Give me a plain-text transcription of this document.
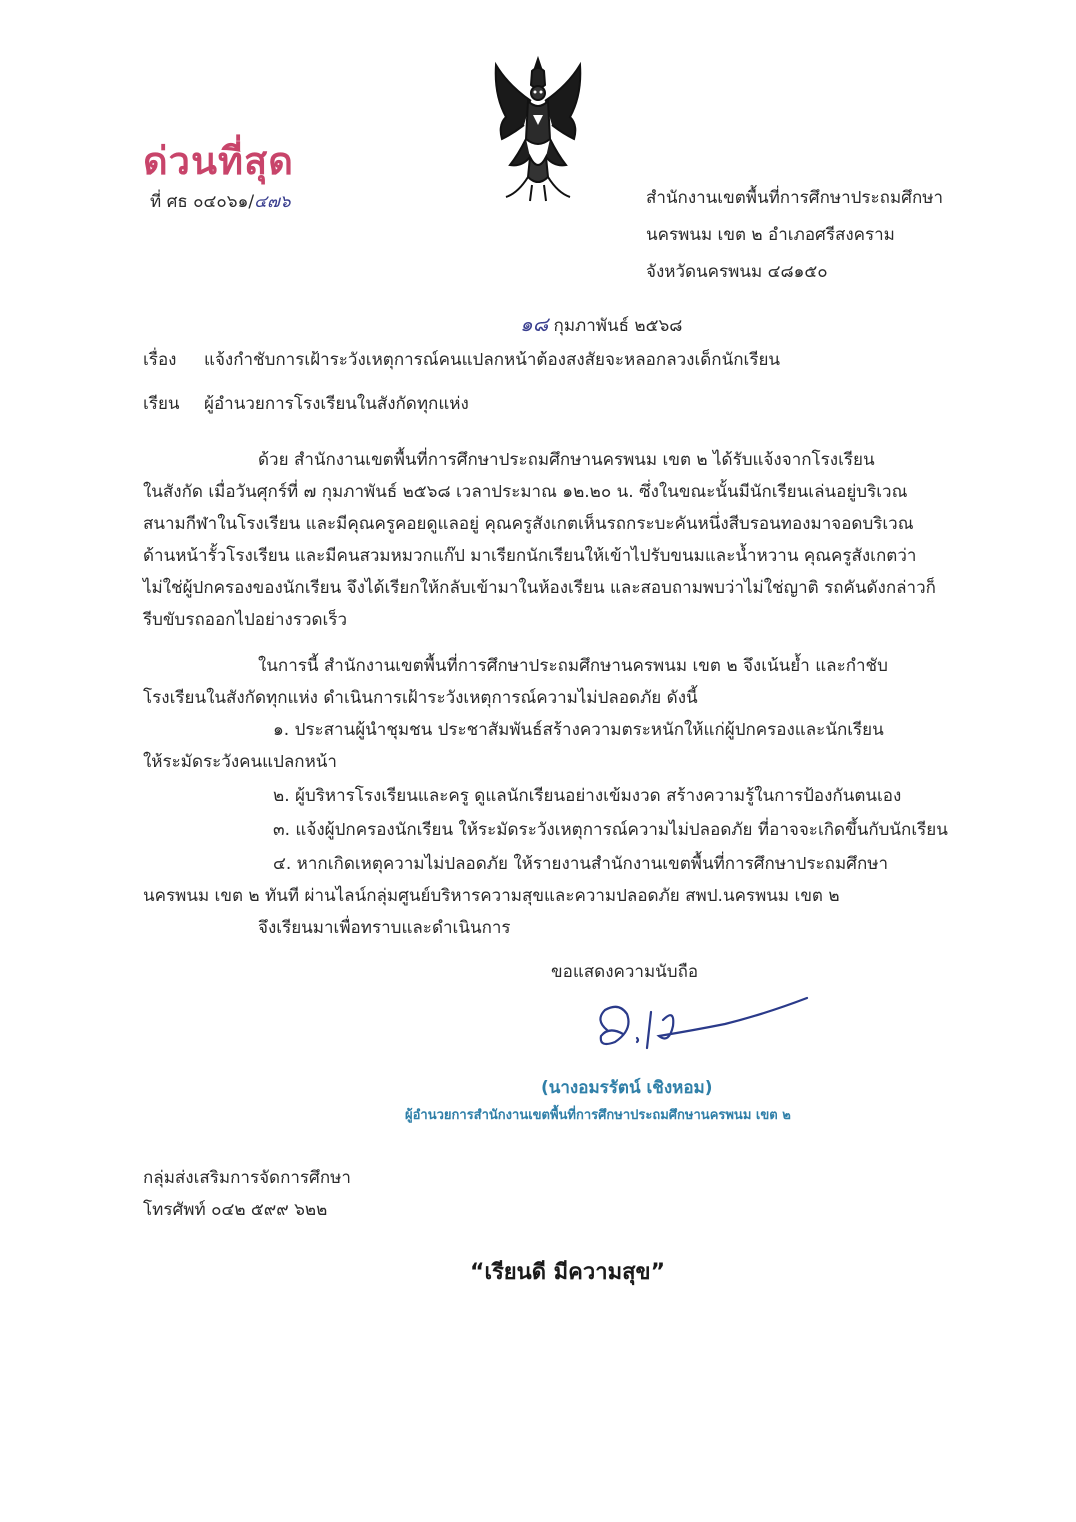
ด่วนที่สุด
ที่ ศธ ๐๔๐๖๑/๔๗๖	สำนักงานเขตพื้นที่การศึกษาประถมศึกษา
นครพนม เขต ๒ อำเภอศรีสงคราม
จังหวัดนครพนม ๔๘๑๕๐
๑๘ กุมภาพันธ์ ๒๕๖๘
เรื่อง แจ้งกำชับการเฝ้าระวังเหตุการณ์คนแปลกหน้าต้องสงสัยจะหลอกลวงเด็กนักเรียน
เรียน ผู้อำนวยการโรงเรียนในสังกัดทุกแห่ง
ด้วย สำนักงานเขตพื้นที่การศึกษาประถมศึกษานครพนม เขต ๒ ได้รับแจ้งจากโรงเรียน
ในสังกัด เมื่อวันศุกร์ที่ ๗ กุมภาพันธ์ ๒๕๖๘ เวลาประมาณ ๑๒.๒๐ น. ซึ่งในขณะนั้นมีนักเรียนเล่นอยู่บริเวณ
สนามกีฬาในโรงเรียน และมีคุณครูคอยดูแลอยู่ คุณครูสังเกตเห็นรถกระบะคันหนึ่งสีบรอนทองมาจอดบริเวณ
ด้านหน้ารั้วโรงเรียน และมีคนสวมหมวกแก๊ป มาเรียกนักเรียนให้เข้าไปรับขนมและน้ำหวาน คุณครูสังเกตว่า
ไม่ใช่ผู้ปกครองของนักเรียน จึงได้เรียกให้กลับเข้ามาในห้องเรียน และสอบถามพบว่าไม่ใช่ญาติ รถคันดังกล่าวก็
รีบขับรถออกไปอย่างรวดเร็ว
ในการนี้ สำนักงานเขตพื้นที่การศึกษาประถมศึกษานครพนม เขต ๒ จึงเน้นย้ำ และกำชับ
โรงเรียนในสังกัดทุกแห่ง ดำเนินการเฝ้าระวังเหตุการณ์ความไม่ปลอดภัย ดังนี้
๑. ประสานผู้นำชุมชน ประชาสัมพันธ์สร้างความตระหนักให้แก่ผู้ปกครองและนักเรียน
ให้ระมัดระวังคนแปลกหน้า
๒. ผู้บริหารโรงเรียนและครู ดูแลนักเรียนอย่างเข้มงวด สร้างความรู้ในการป้องกันตนเอง
๓. แจ้งผู้ปกครองนักเรียน ให้ระมัดระวังเหตุการณ์ความไม่ปลอดภัย ที่อาจจะเกิดขึ้นกับนักเรียน
๔. หากเกิดเหตุความไม่ปลอดภัย ให้รายงานสำนักงานเขตพื้นที่การศึกษาประถมศึกษา
นครพนม เขต ๒ ทันที ผ่านไลน์กลุ่มศูนย์บริหารความสุขและความปลอดภัย สพป.นครพนม เขต ๒
จึงเรียนมาเพื่อทราบและดำเนินการ
ขอแสดงความนับถือ
(นางอมรรัตน์ เชิงหอม)
ผู้อำนวยการสำนักงานเขตพื้นที่การศึกษาประถมศึกษานครพนม เขต ๒
กลุ่มส่งเสริมการจัดการศึกษา
โทรศัพท์ ๐๔๒ ๕๙๙ ๖๒๒
“เรียนดี มีความสุข”
